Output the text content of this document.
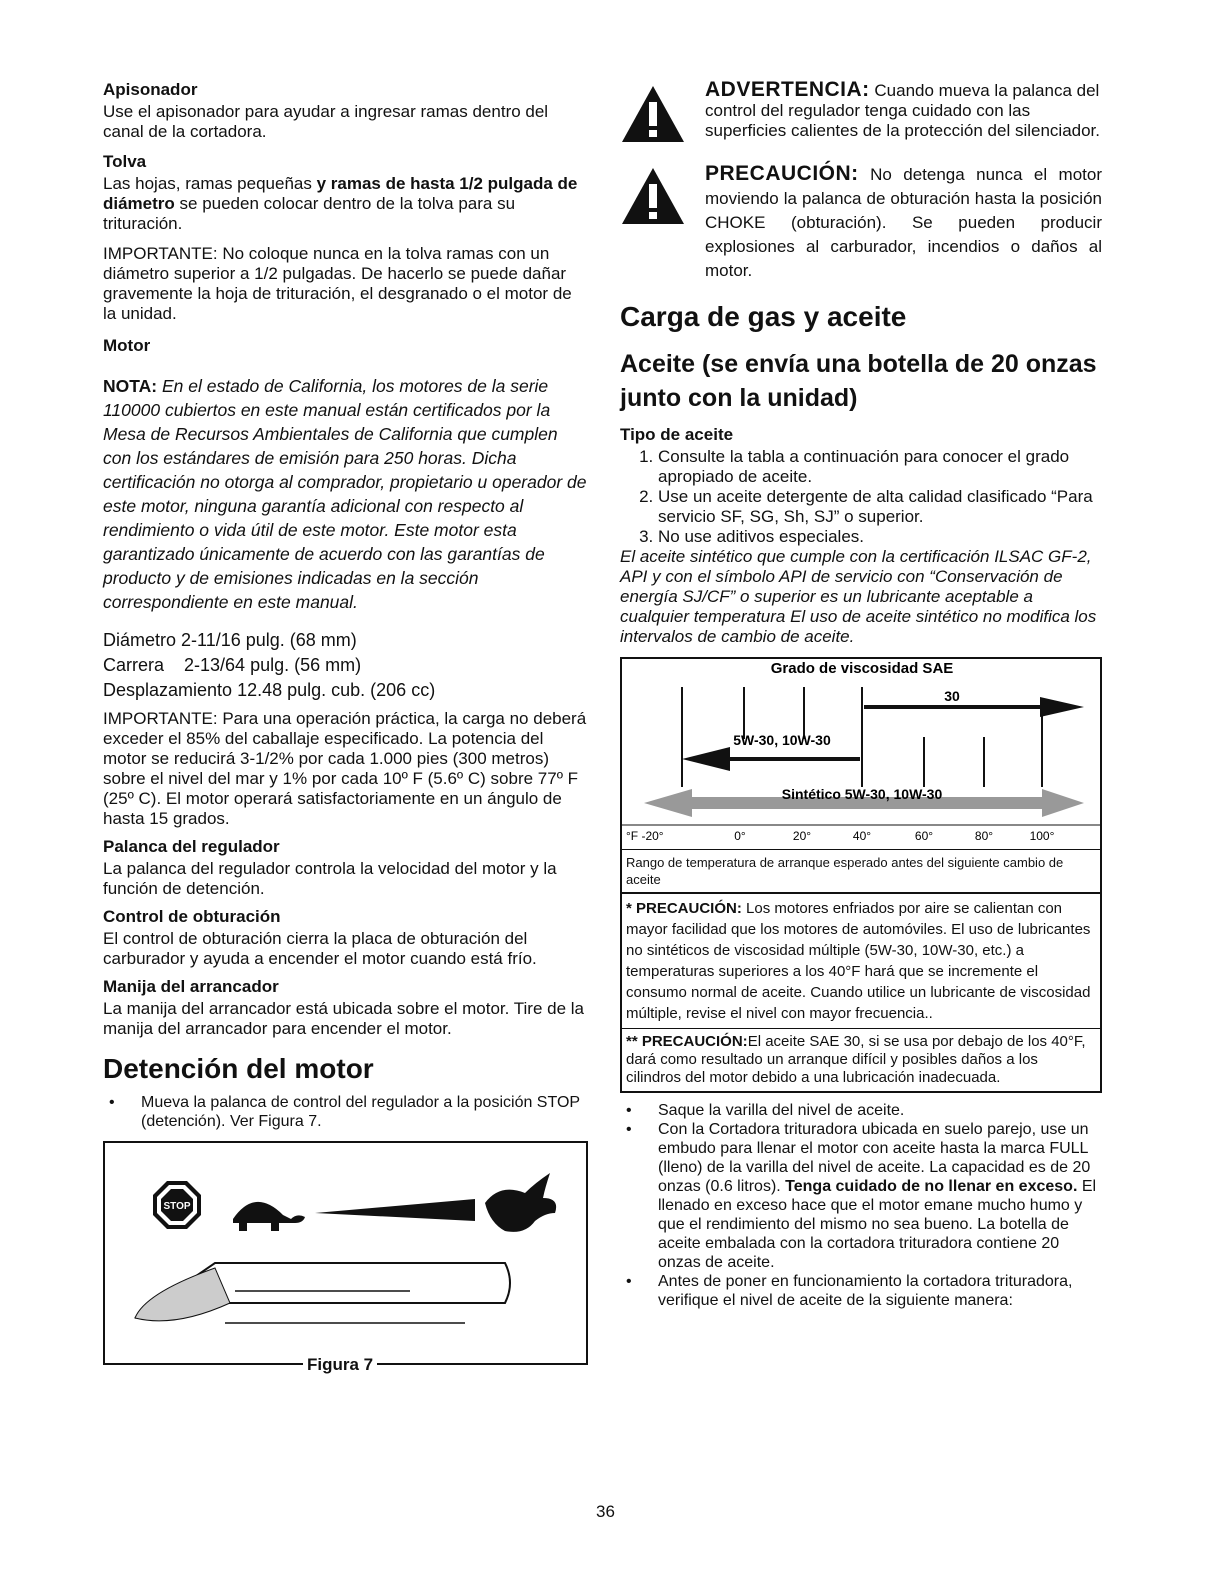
Apisonador

Use el apisonador para ayudar a ingresar ramas dentro del canal de la cortadora.

Tolva

Las hojas, ramas pequeñas y ramas de hasta 1/2 pulgada de diámetro se pueden colocar dentro de la tolva para su trituración.

IMPORTANTE: No coloque nunca en la tolva ramas con un diámetro superior a 1/2 pulgadas. De hacerlo se puede dañar gravemente la hoja de trituración, el desgranado o el motor de la unidad.

Motor

NOTA: En el estado de California, los motores de la serie 110000 cubiertos en este manual están certificados por la Mesa de Recursos Ambientales de California que cumplen con los estándares de emisión para 250 horas. Dicha certificación no otorga al comprador, propietario u operador de este motor, ninguna garantía adicional con respecto al rendimiento o vida útil de este motor. Este motor esta garantizado únicamente de acuerdo con las garantías de producto y de emisiones indicadas en la sección correspondiente en este manual.

Diámetro 2-11/16 pulg. (68 mm)

Carrera    2-13/64 pulg. (56 mm)

Desplazamiento 12.48 pulg. cub. (206 cc)

IMPORTANTE: Para una operación práctica, la carga no deberá exceder el 85% del caballaje especificado. La potencia del motor se reducirá 3-1/2% por cada 1.000 pies (300 metros) sobre el nivel del mar y 1% por cada 10º F (5.6º C) sobre 77º F (25º C). El motor operará satisfactoriamente en un ángulo de hasta 15 grados.

Palanca del regulador

La palanca del regulador controla la velocidad del motor y la función de detención.

Control de obturación

El control de obturación cierra la placa de obturación del carburador y ayuda a encender el motor cuando está frío.

Manija del arrancador

La manija del arrancador está ubicada sobre el motor. Tire de la manija del arrancador para encender el motor.

Detención del motor

• Mueva la palanca de control del regulador a la posición STOP (detención). Ver Figura 7.
STOP
Figura 7

ADVERTENCIA: Cuando mueva la palanca del control del regulador tenga cuidado con las superficies calientes de la protección del silenciador.

PRECAUCIÓN: No detenga nunca el motor moviendo la palanca de obturación hasta la posición CHOKE (obturación). Se pueden producir explosiones al carburador, incendios o daños al motor.

Carga de gas y aceite

Aceite (se envía una botella de 20 onzas junto con la unidad)

Tipo de aceite

1. Consulte la tabla a continuación para conocer el grado apropiado de aceite.
2. Use un aceite detergente de alta calidad clasificado “Para servicio SF, SG, Sh, SJ” o superior.
3. No use aditivos especiales.

El aceite sintético que cumple con la certificación ILSAC GF-2, API y con el símbolo API de servicio con “Conservación de energía SJ/CF” o superior es un lubricante aceptable a cualquier temperatura El uso de aceite sintético no modifica los intervalos de cambio de aceite.

Grado de viscosidad SAE
30
5W-30, 10W-30
Sintético 5W-30, 10W-30
°F -20°	0°	20°	40°	60°	80°	100°
Rango de temperatura de arranque esperado antes del siguiente cambio de aceite
* PRECAUCIÓN: Los motores enfriados por aire se calientan con mayor facilidad que los motores de automóviles. El uso de lubricantes no sintéticos de viscosidad múltiple (5W-30, 10W-30, etc.) a temperaturas superiores a los 40°F hará que se incremente el consumo normal de aceite. Cuando utilice un lubricante de viscosidad múltiple, revise el nivel con mayor frecuencia..
** PRECAUCIÓN:El aceite SAE 30, si se usa por debajo de los 40°F, dará como resultado un arranque difícil y posibles daños a los cilindros del motor debido a una lubricación inadecuada.
• Saque la varilla del nivel de aceite.
• Con la Cortadora trituradora ubicada en suelo parejo, use un embudo para llenar el motor con aceite hasta la marca FULL (lleno) de la varilla del nivel de aceite. La capacidad es de 20 onzas (0.6 litros). Tenga cuidado de no llenar en exceso. El llenado en exceso hace que el motor emane mucho humo y que el rendimiento del mismo no sea bueno. La botella de aceite embalada con la cortadora trituradora contiene 20 onzas de aceite.
• Antes de poner en funcionamiento la cortadora trituradora, verifique el nivel de aceite de la siguiente manera:
36
